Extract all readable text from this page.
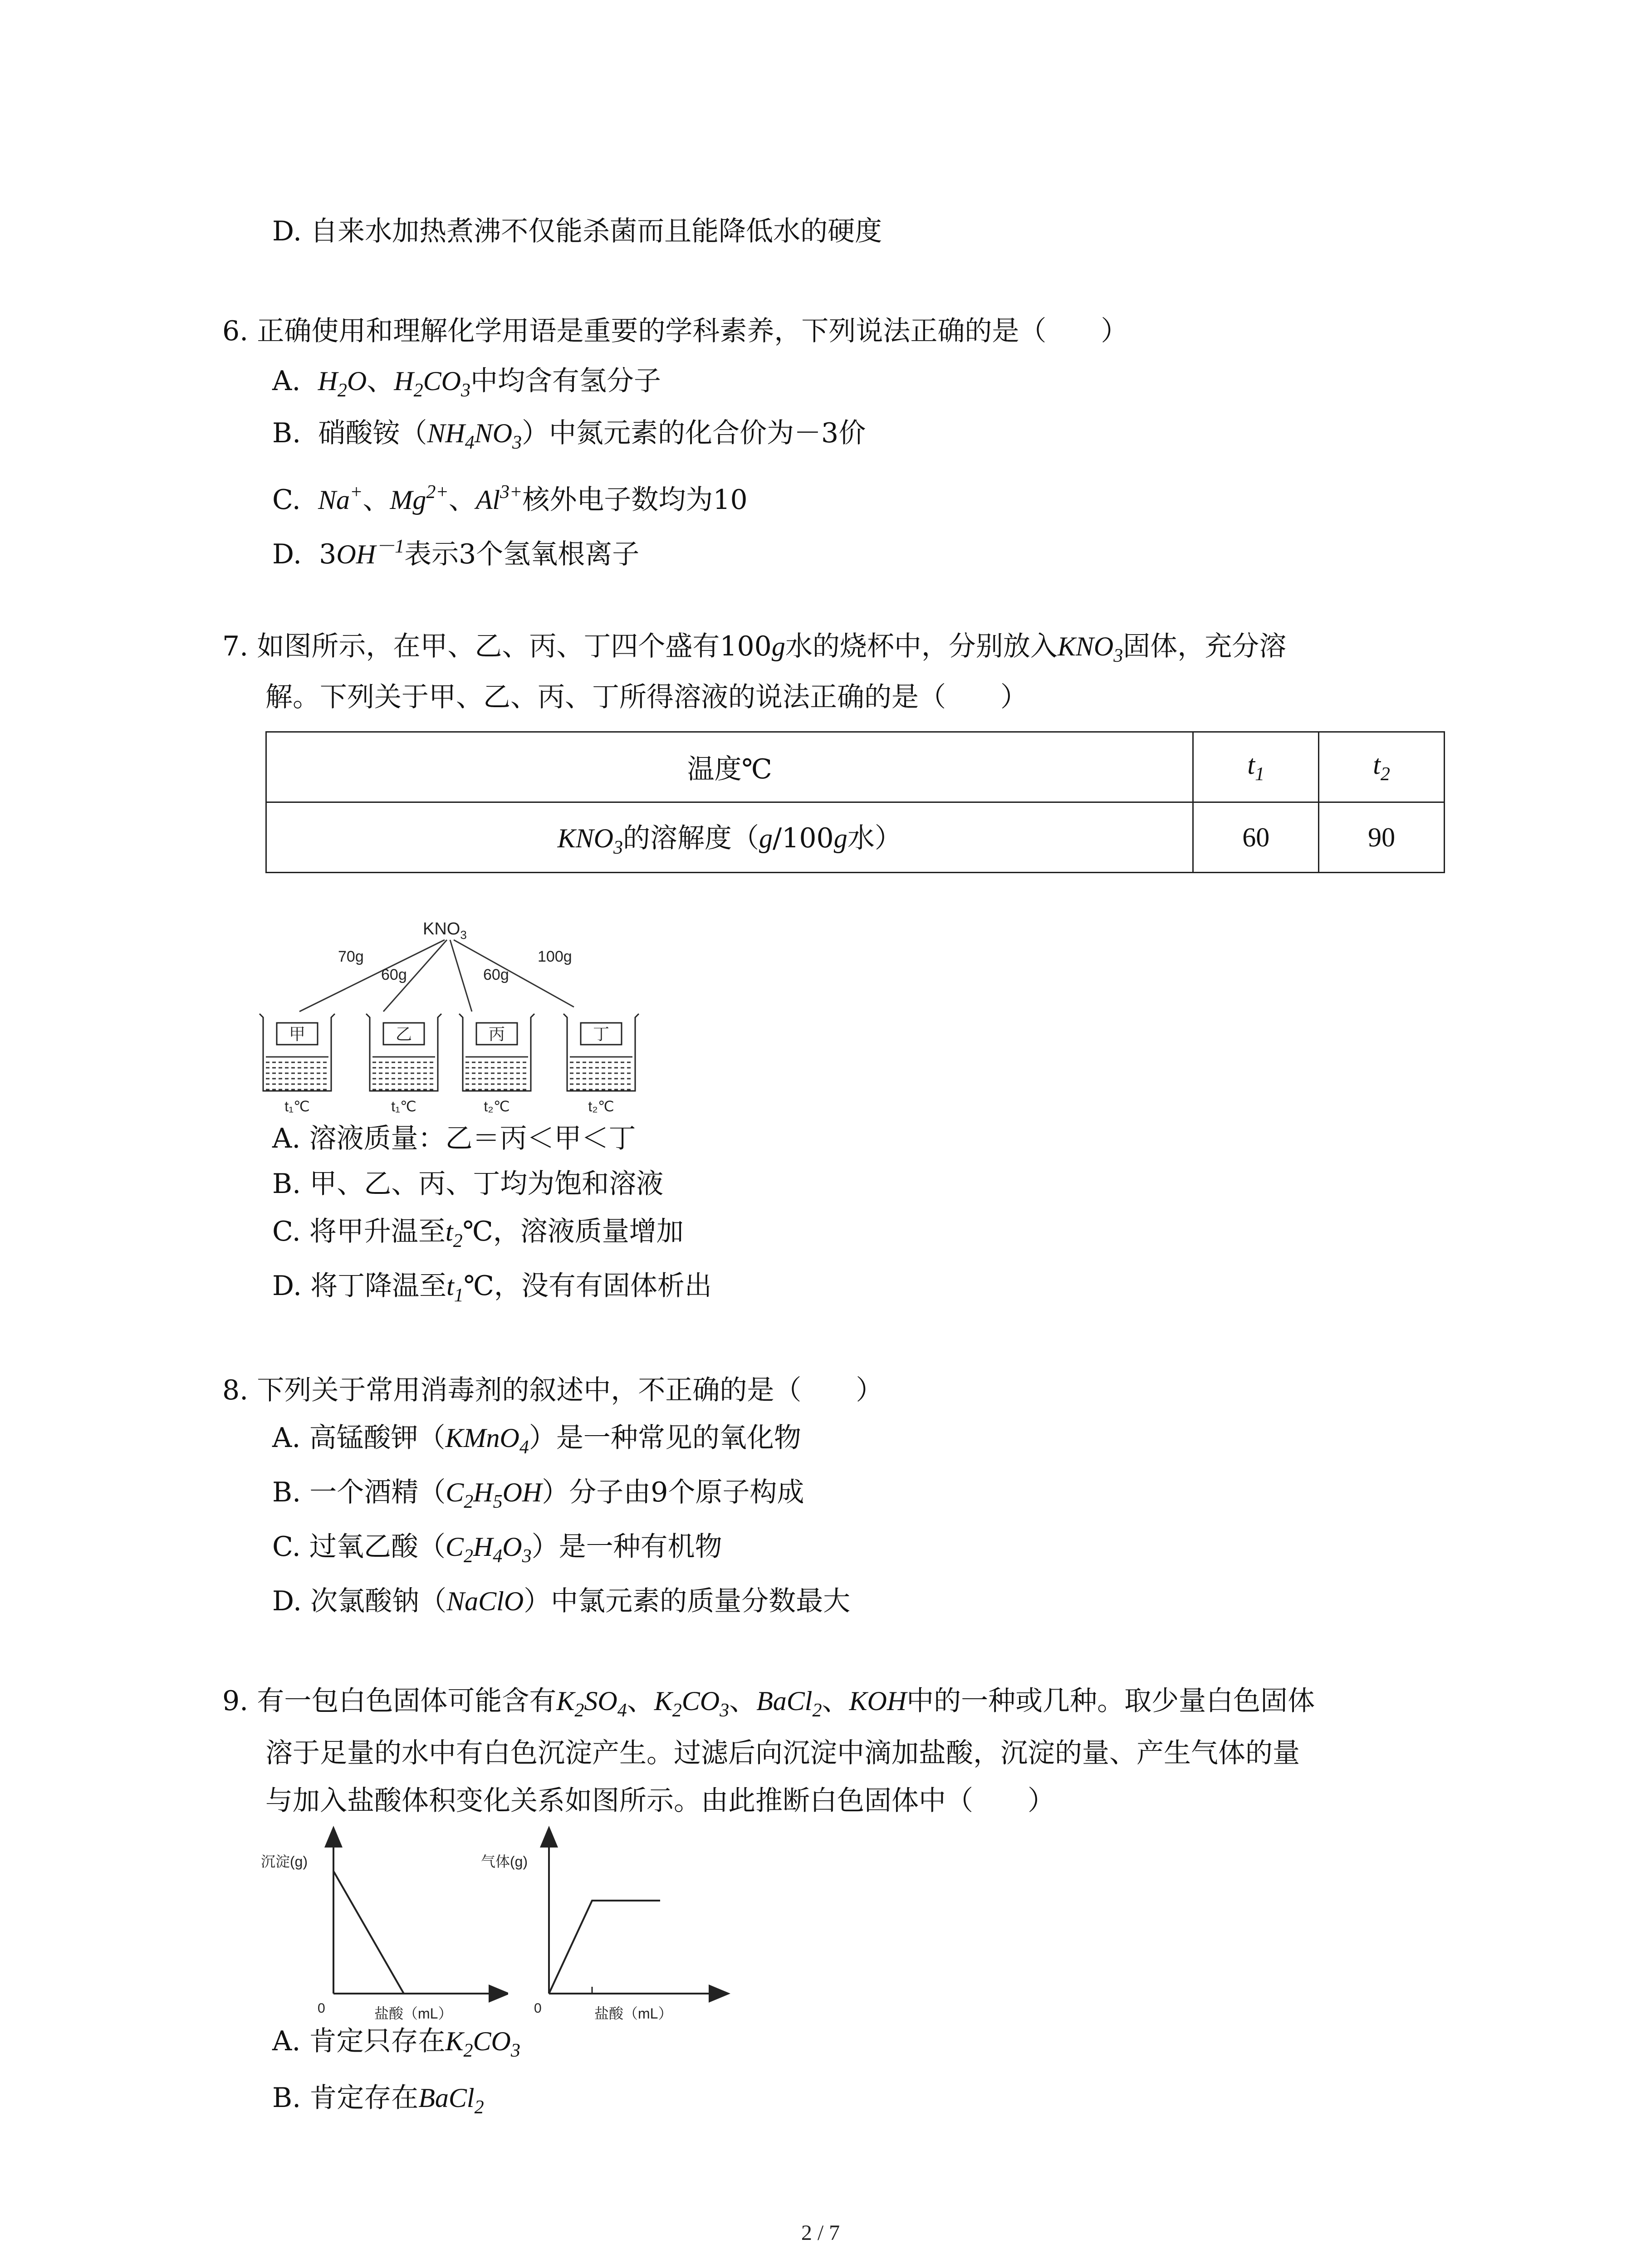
D. 自来水加热煮沸不仅能杀菌而且能降低水的硬度
6. 正确使用和理解化学用语是重要的学科素养，下列说法正确的是（　　）
A. $H_2O$、$H_2CO_3$中均含有氢分子
B. 硝酸铵$(NH_4NO_3)$中氮元素的化合价为－3价
C. Na+、$Mg^{2+}$、$Al^{3+}$核外电子数均为10
D. $3OH^{-1}$表示3个氢氧根离子
7. 如图所示，在甲、乙、丙、丁四个盛有100g水的烧杯中，分别放入$KNO_3$固体，充分溶
解。下列关于甲、乙、丙、丁所得溶液的说法正确的是（　　）
温度℃	$t_1$	$t_2$
$KNO_3$的溶解度（g/100g水）	60	90
$KNO_3$
70g
60g	60g
100g
甲
t₁℃
乙
t₁℃
丙
t₂℃
丁
t₂℃
A. 溶液质量：乙＝丙＜甲＜丁
B. 甲、乙、丙、丁均为饱和溶液
C. 将甲升温至$t_2℃$，溶液质量增加
D. 将丁降温至$t_1℃$，没有有固体析出
8. 下列关于常用消毒剂的叙述中，不正确的是（　　）
A. 高锰酸钾（KMnO$_4$）是一种常见的氧化物
B. 一个酒精$(C_2H_5OH)$分子由9个原子构成
C. 过氧乙酸$(C_2H_4O_3)$是一种有机物
D. 次氯酸钠（NaClO）中氯元素的质量分数最大
9. 有一包白色固体可能含有$K_2SO_4$、$K_2CO_3$、BaCl$_2$、KOH中的一种或几种。取少量白色固体
溶于足量的水中有白色沉淀产生。过滤后向沉淀中滴加盐酸，沉淀的量、产生气体的量
与加入盐酸体积变化关系如图所示。由此推断白色固体中（　　）
沉淀(g)
0	盐酸（mL）
气体(g)
0	盐酸（mL）
A. 肯定只存在$K_2CO_3$
B. 肯定存在BaCl$_2$
2 / 7
